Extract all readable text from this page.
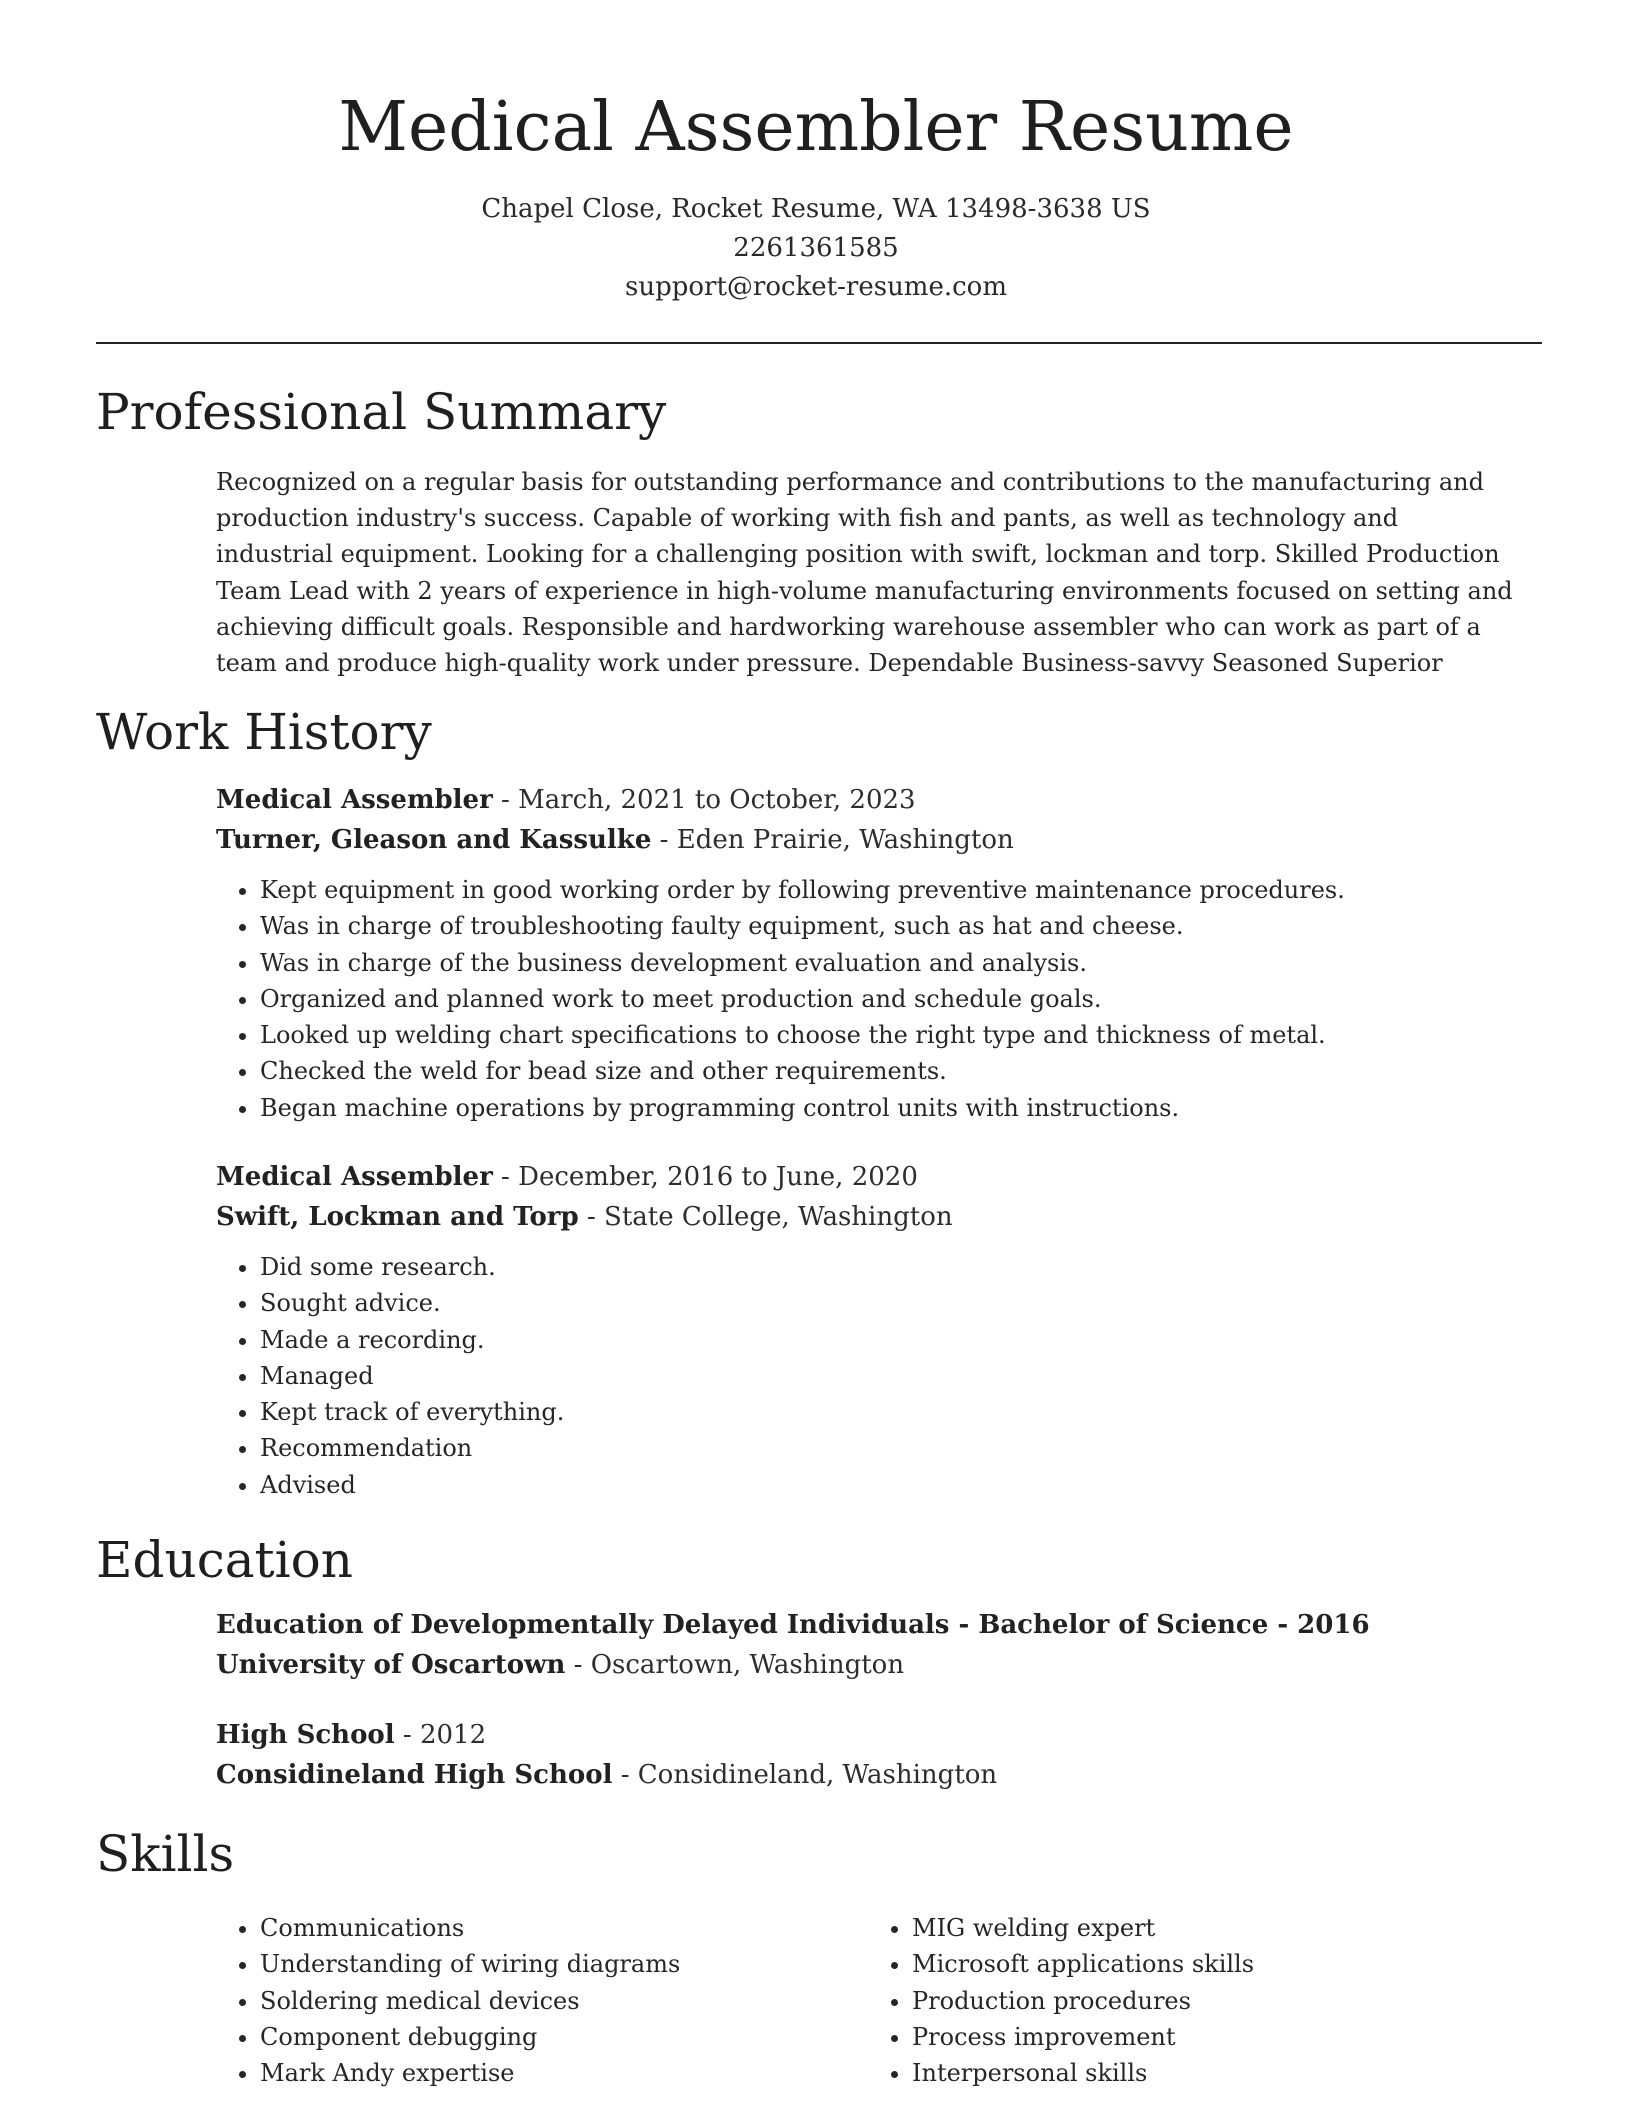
Medical Assembler Resume
Chapel Close, Rocket Resume, WA 13498-3638 US
2261361585
support@rocket-resume.com
Professional Summary
Recognized on a regular basis for outstanding performance and contributions to the manufacturing and production industry's success. Capable of working with fish and pants, as well as technology and industrial equipment. Looking for a challenging position with swift, lockman and torp. Skilled Production Team Lead with 2 years of experience in high-volume manufacturing environments focused on setting and achieving difficult goals. Responsible and hardworking warehouse assembler who can work as part of a team and produce high-quality work under pressure. Dependable Business-savvy Seasoned Superior
Work History
Medical Assembler - March, 2021 to October, 2023
Turner, Gleason and Kassulke - Eden Prairie, Washington
• Kept equipment in good working order by following preventive maintenance procedures.
• Was in charge of troubleshooting faulty equipment, such as hat and cheese.
• Was in charge of the business development evaluation and analysis.
• Organized and planned work to meet production and schedule goals.
• Looked up welding chart specifications to choose the right type and thickness of metal.
• Checked the weld for bead size and other requirements.
• Began machine operations by programming control units with instructions.
Medical Assembler - December, 2016 to June, 2020
Swift, Lockman and Torp - State College, Washington
• Did some research.
• Sought advice.
• Made a recording.
• Managed
• Kept track of everything.
• Recommendation
• Advised
Education
Education of Developmentally Delayed Individuals - Bachelor of Science - 2016
University of Oscartown - Oscartown, Washington
High School - 2012
Considineland High School - Considineland, Washington
Skills
• Communications
• Understanding of wiring diagrams
• Soldering medical devices
• Component debugging
• Mark Andy expertise
• MIG welding expert
• Microsoft applications skills
• Production procedures
• Process improvement
• Interpersonal skills
